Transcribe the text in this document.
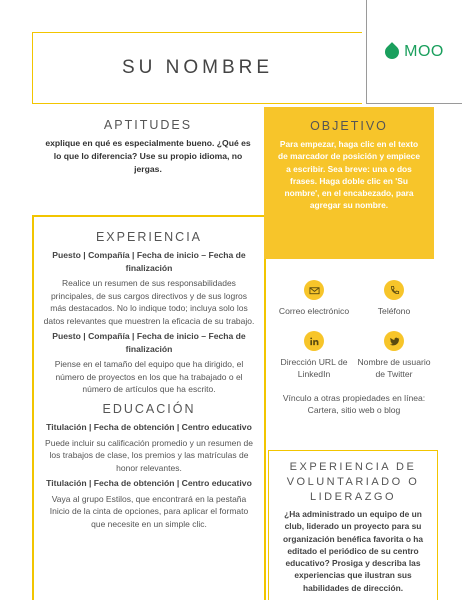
SU NOMBRE
MOO
APTITUDES
explique en qué es especialmente bueno. ¿Qué es lo que lo diferencia? Use su propio idioma, no jergas.
OBJETIVO
Para empezar, haga clic en el texto de marcador de posición y empiece a escribir. Sea breve: una o dos frases. Haga doble clic en 'Su nombre', en el encabezado, para agregar su nombre.
EXPERIENCIA
Puesto | Compañía | Fecha de inicio – Fecha de finalización
Realice un resumen de sus responsabilidades principales, de sus cargos directivos y de sus logros más destacados. No lo indique todo; incluya solo los datos relevantes que muestren la eficacia de su trabajo.
Puesto | Compañía | Fecha de inicio – Fecha de finalización
Piense en el tamaño del equipo que ha dirigido, el número de proyectos en los que ha trabajado o el número de artículos que ha escrito.
EDUCACIÓN
Titulación | Fecha de obtención | Centro educativo
Puede incluir su calificación promedio y un resumen de los trabajos de clase, los premios y las matrículas de honor relevantes.
Titulación | Fecha de obtención | Centro educativo
Vaya al grupo Estilos, que encontrará en la pestaña Inicio de la cinta de opciones, para aplicar el formato que necesite en un simple clic.
Correo electrónico	Teléfono
Dirección URL de LinkedIn
Nombre de usuario de Twitter
Vínculo a otras propiedades en línea: Cartera, sitio web o blog
EXPERIENCIA DE VOLUNTARIADO O LIDERAZGO
¿Ha administrado un equipo de un club, liderado un proyecto para su organización benéfica favorita o ha editado el periódico de su centro educativo? Prosiga y describa las experiencias que ilustran sus habilidades de dirección.
